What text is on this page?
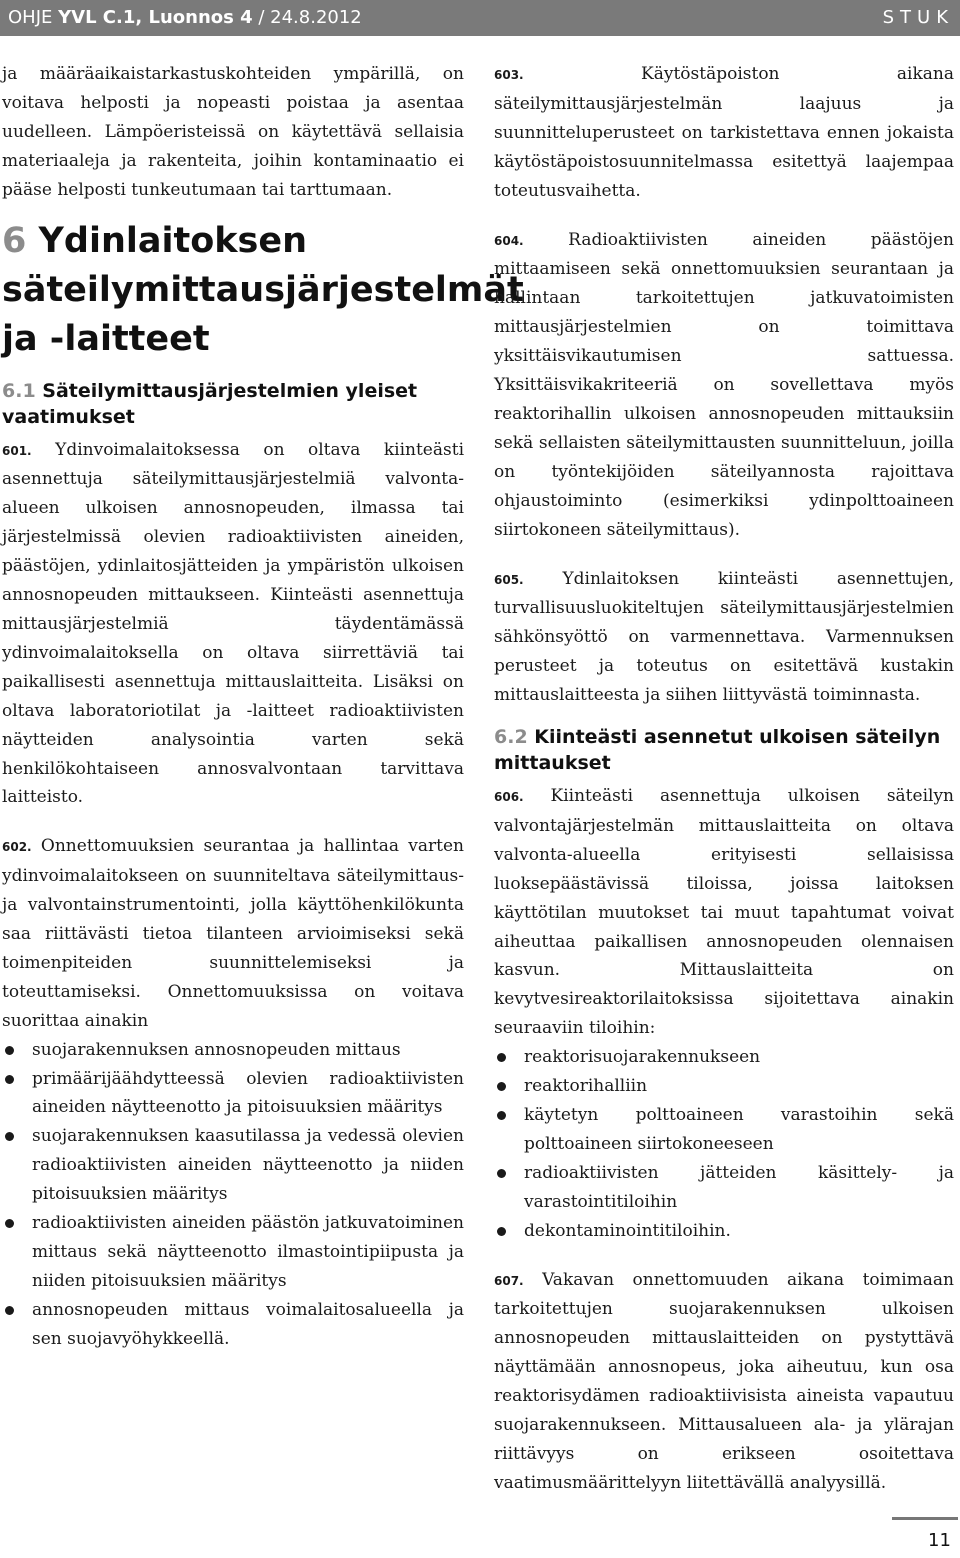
OHJE YVL C.1, Luonnos 4 / 24.8.2012	STUK

ja määräaikaistarkastuskohteiden ympärillä, on voitava helposti ja nopeasti poistaa ja asentaa uudelleen. Lämpöeristeissä on käytettävä sellaisia materiaaleja ja rakenteita, joihin kontaminaatio ei pääse helposti tunkeutumaan tai tarttumaan.

6 Ydinlaitoksen säteilymittausjärjestelmät ja -laitteet
6.1 Säteilymittausjärjestelmien yleiset vaatimukset

601. Ydinvoimalaitoksessa on oltava kiinteästi asennettuja säteilymittausjärjestelmiä valvonta-alueen ulkoisen annosnopeuden, ilmassa tai järjestelmissä olevien radioaktiivisten aineiden, päästöjen, ydinlaitosjätteiden ja ympäristön ulkoisen annosnopeuden mittaukseen. Kiinteästi asennettuja mittausjärjestelmiä täydentämässä ydinvoimalaitoksella on oltava siirrettäviä tai paikallisesti asennettuja mittauslaitteita. Lisäksi on oltava laboratoriotilat ja -laitteet radioaktiivisten näytteiden analysointia varten sekä henkilökohtaiseen annosvalvontaan tarvittava laitteisto.

602. Onnettomuuksien seurantaa ja hallintaa varten ydinvoimalaitokseen on suunniteltava säteilymittaus- ja valvontainstrumentointi, jolla käyttöhenkilökunta saa riittävästi tietoa tilanteen arvioimiseksi sekä toimenpiteiden suunnittelemiseksi ja toteuttamiseksi. Onnettomuuksissa on voitava suorittaa ainakin

suojarakennuksen annosnopeuden mittaus
primäärijäähdytteessä olevien radioaktiivisten aineiden näytteenotto ja pitoisuuksien määritys
suojarakennuksen kaasutilassa ja vedessä olevien radioaktiivisten aineiden näytteenotto ja niiden pitoisuuksien määritys
radioaktiivisten aineiden päästön jatkuvatoiminen mittaus sekä näytteenotto ilmastointipiipusta ja niiden pitoisuuksien määritys
annosnopeuden mittaus voimalaitosalueella ja sen suojavyöhykkeellä.

603.	Käytöstäpoiston aikana säteilymittausjärjestelmän laajuus ja suunnitteluperusteet on tarkistettava ennen jokaista käytöstäpoistosuunnitelmassa esitettyä laajempaa toteutusvaihetta.

604.	Radioaktiivisten aineiden päästöjen mittaamiseen sekä onnettomuuksien seurantaan ja hallintaan tarkoitettujen jatkuvatoimisten mittausjärjestelmien on toimittava yksittäisvikautumisen sattuessa. Yksittäisvikakriteeriä on sovellettava myös reaktorihallin ulkoisen annosnopeuden mittauksiin sekä sellaisten säteilymittausten suunnitteluun, joilla on työntekijöiden säteilyannosta rajoittava ohjaustoiminto (esimerkiksi ydinpolttoaineen siirtokoneen säteilymittaus).

605. Ydinlaitoksen kiinteästi asennettujen, turvallisuusluokiteltujen säteilymittausjärjestelmien sähkönsyöttö on varmennettava. Varmennuksen perusteet ja toteutus on esitettävä kustakin mittauslaitteesta ja siihen liittyvästä toiminnasta.

6.2 Kiinteästi asennetut ulkoisen säteilyn mittaukset

606. Kiinteästi asennettuja ulkoisen säteilyn valvontajärjestelmän mittauslaitteita on oltava valvonta-alueella erityisesti sellaisissa luoksepäästävissä tiloissa, joissa laitoksen käyttötilan muutokset tai muut tapahtumat voivat aiheuttaa paikallisen annosnopeuden olennaisen kasvun. Mittauslaitteita on kevytvesireaktorilaitoksissa sijoitettava ainakin seuraaviin tiloihin:

reaktorisuojarakennukseen
reaktorihalliin
käytetyn polttoaineen varastoihin sekä polttoaineen siirtokoneeseen
radioaktiivisten jätteiden käsittely- ja varastointitiloihin
dekontaminointitiloihin.

607. Vakavan onnettomuuden aikana toimimaan tarkoitettujen suojarakennuksen ulkoisen annosnopeuden mittauslaitteiden on pystyttävä näyttämään annosnopeus, joka aiheutuu, kun osa reaktorisydämen radioaktiivisista aineista vapautuu suojarakennukseen. Mittausalueen ala- ja ylärajan riittävyys on erikseen osoitettava vaatimusmäärittelyyn liitettävällä analyysillä.

11
